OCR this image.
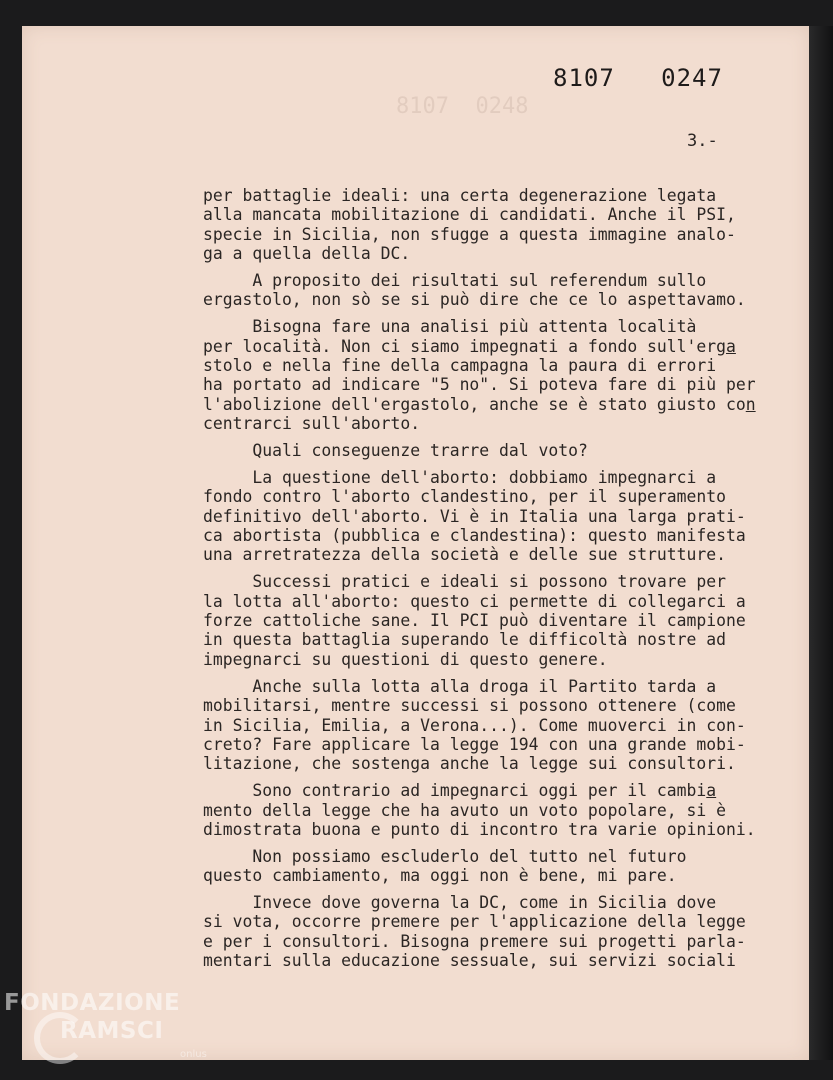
8107   0247
8107  0248
3.-
per battaglie ideali: una certa degenerazione legata
alla mancata mobilitazione di candidati. Anche il PSI,
specie in Sicilia, non sfugge a questa immagine analo-
ga a quella della DC.
A proposito dei risultati sul referendum sullo
ergastolo, non sò se si può dire che ce lo aspettavamo.
Bisogna fare una analisi più attenta località
per località. Non ci siamo impegnati a fondo sull'erga
stolo e nella fine della campagna la paura di errori
ha portato ad indicare "5 no". Si poteva fare di più per
l'abolizione dell'ergastolo, anche se è stato giusto con
centrarci sull'aborto.
Quali conseguenze trarre dal voto?
La questione dell'aborto: dobbiamo impegnarci a
fondo contro l'aborto clandestino, per il superamento
definitivo dell'aborto. Vi è in Italia una larga prati-
ca abortista (pubblica e clandestina): questo manifesta
una arretratezza della società e delle sue strutture.
Successi pratici e ideali si possono trovare per
la lotta all'aborto: questo ci permette di collegarci a
forze cattoliche sane. Il PCI può diventare il campione
in questa battaglia superando le difficoltà nostre ad
impegnarci su questioni di questo genere.
Anche sulla lotta alla droga il Partito tarda a
mobilitarsi, mentre successi si possono ottenere (come
in Sicilia, Emilia, a Verona...). Come muoverci in con-
creto? Fare applicare la legge 194 con una grande mobi-
litazione, che sostenga anche la legge sui consultori.
Sono contrario ad impegnarci oggi per il cambia
mento della legge che ha avuto un voto popolare, si è
dimostrata buona e punto di incontro tra varie opinioni.
Non possiamo escluderlo del tutto nel futuro
questo cambiamento, ma oggi non è bene, mi pare.
Invece dove governa la DC, come in Sicilia dove
si vota, occorre premere per l'applicazione della legge
e per i consultori. Bisogna premere sui progetti parla-
mentari sulla educazione sessuale, sui servizi sociali
FONDAZIONE
RAMSCI
onlus
